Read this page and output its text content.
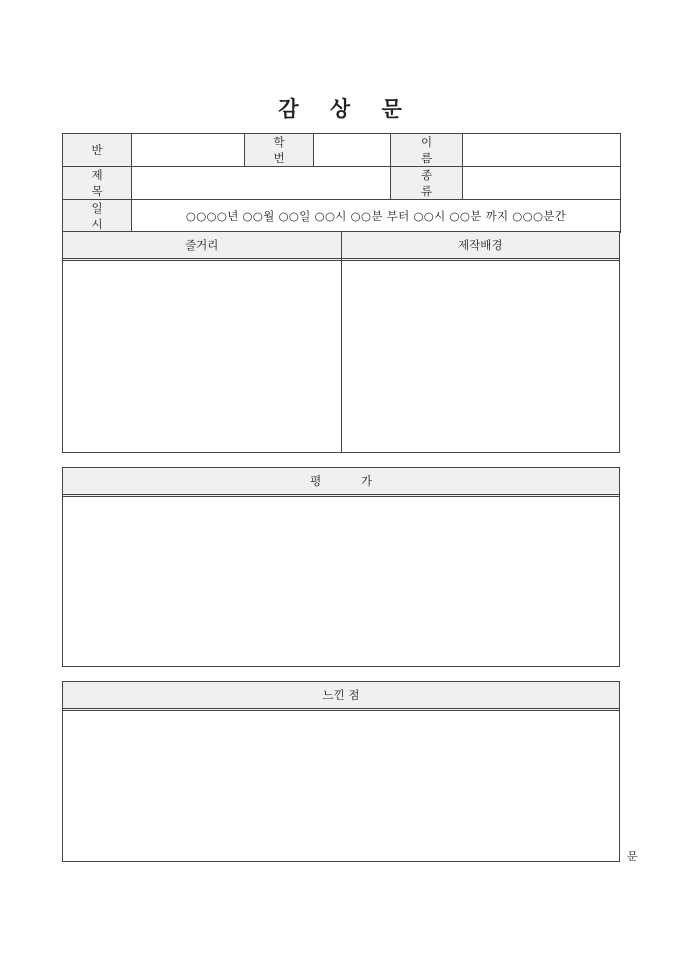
감 상 문
반		학 번		이 름	
제 목				종 류	
일 시	○○○○년 ○○월 ○○일 ○○시 ○○분 부터 ○○시 ○○분 까지 ○○○분간				
줄거리	제작배경
평 가
느낀 점
문
